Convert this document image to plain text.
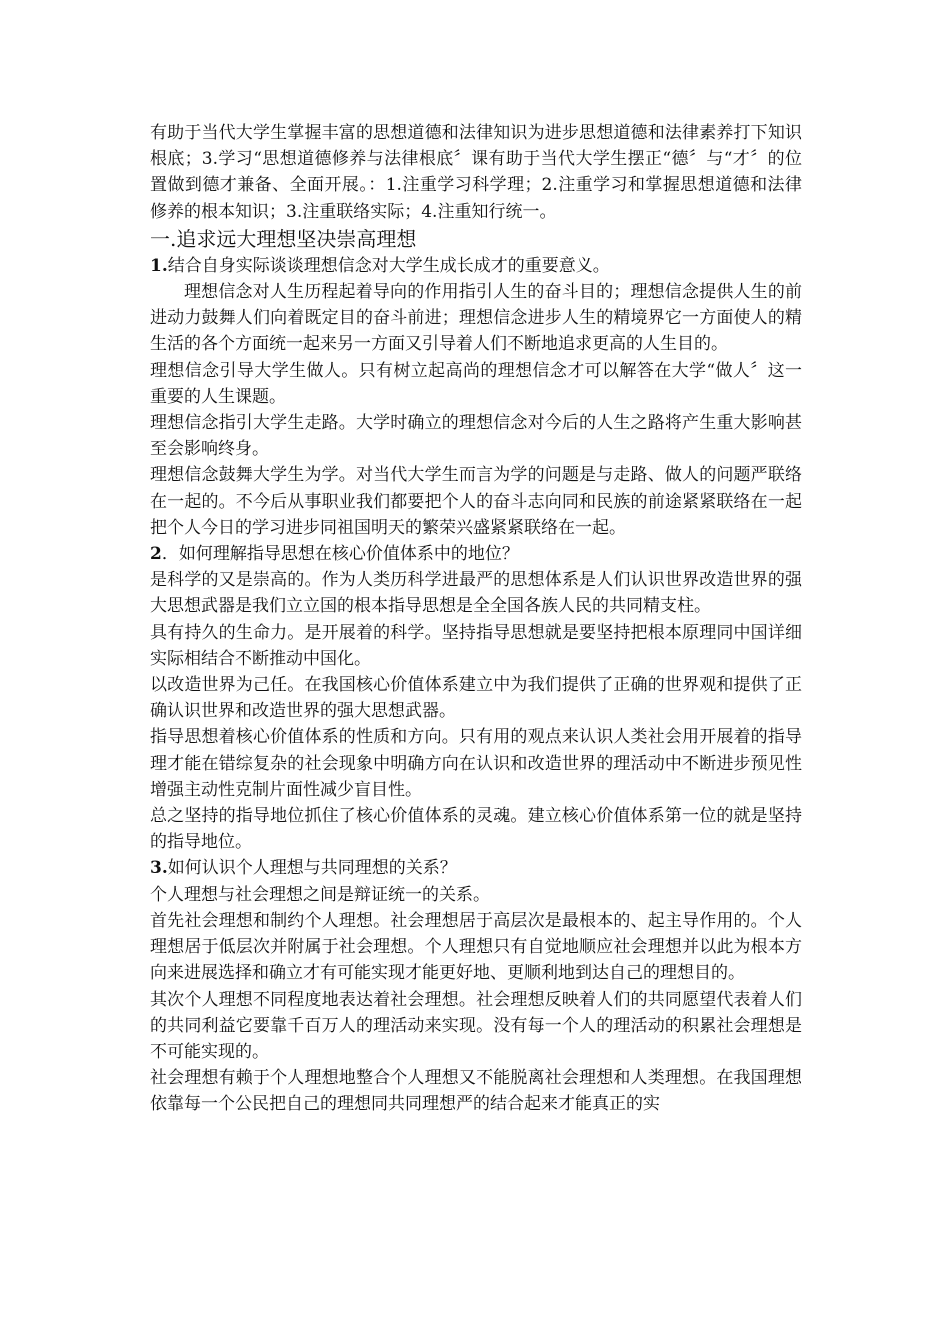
有助于当代大学生掌握丰富的思想道德和法律知识为进步思想道德和法律素养打下知识根底；3.学习“思想道德修养与法律根底〞课有助于当代大学生摆正“德〞与“才〞的位置做到德才兼备、全面开展。：1.注重学习科学理；2.注重学习和掌握思想道德和法律修养的根本知识；3.注重联络实际；4.注重知行统一。

一.追求远大理想坚决崇高理想

1.结合自身实际谈谈理想信念对大学生成长成才的重要意义。

理想信念对人生历程起着导向的作用指引人生的奋斗目的；理想信念提供人生的前进动力鼓舞人们向着既定目的奋斗前进；理想信念进步人生的精境界它一方面使人的精生活的各个方面统一起来另一方面又引导着人们不断地追求更高的人生目的。

理想信念引导大学生做人。只有树立起高尚的理想信念才可以解答在大学“做人〞这一重要的人生课题。

理想信念指引大学生走路。大学时确立的理想信念对今后的人生之路将产生重大影响甚至会影响终身。

理想信念鼓舞大学生为学。对当代大学生而言为学的问题是与走路、做人的问题严联络在一起的。不今后从事职业我们都要把个人的奋斗志向同和民族的前途紧紧联络在一起把个人今日的学习进步同祖国明天的繁荣兴盛紧紧联络在一起。

2．如何理解指导思想在核心价值体系中的地位？

是科学的又是崇高的。作为人类历科学进最严的思想体系是人们认识世界改造世界的强大思想武器是我们立立国的根本指导思想是全全国各族人民的共同精支柱。

具有持久的生命力。是开展着的科学。坚持指导思想就是要坚持把根本原理同中国详细实际相结合不断推动中国化。

以改造世界为己任。在我国核心价值体系建立中为我们提供了正确的世界观和提供了正确认识世界和改造世界的强大思想武器。

指导思想着核心价值体系的性质和方向。只有用的观点来认识人类社会用开展着的指导理才能在错综复杂的社会现象中明确方向在认识和改造世界的理活动中不断进步预见性增强主动性克制片面性减少盲目性。

总之坚持的指导地位抓住了核心价值体系的灵魂。建立核心价值体系第一位的就是坚持的指导地位。

3.如何认识个人理想与共同理想的关系？

个人理想与社会理想之间是辩证统一的关系。

首先社会理想和制约个人理想。社会理想居于高层次是最根本的、起主导作用的。个人理想居于低层次并附属于社会理想。个人理想只有自觉地顺应社会理想并以此为根本方向来进展选择和确立才有可能实现才能更好地、更顺利地到达自己的理想目的。

其次个人理想不同程度地表达着社会理想。社会理想反映着人们的共同愿望代表着人们的共同利益它要靠千百万人的理活动来实现。没有每一个人的理活动的积累社会理想是不可能实现的。

社会理想有赖于个人理想地整合个人理想又不能脱离社会理想和人类理想。在我国理想依靠每一个公民把自己的理想同共同理想严的结合起来才能真正的实
